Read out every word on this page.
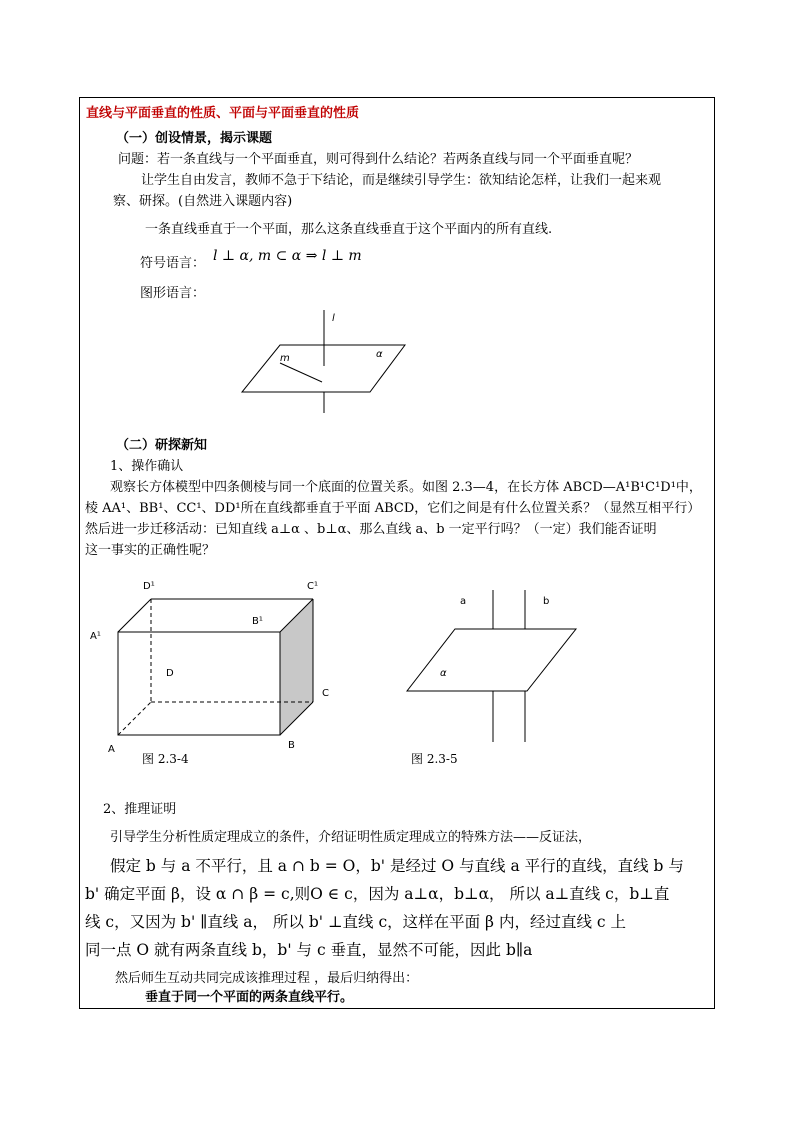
直线与平面垂直的性质、平面与平面垂直的性质
（一）创设情景，揭示课题
问题：若一条直线与一个平面垂直，则可得到什么结论？若两条直线与同一个平面垂直呢？
让学生自由发言，教师不急于下结论，而是继续引导学生：欲知结论怎样，让我们一起来观
察、研探。(自然进入课题内容)
一条直线垂直于一个平面，那么这条直线垂直于这个平面内的所有直线.
符号语言： l ⊥ α, m ⊂ α ⇒ l ⊥ m
图形语言：
l
m	α
（二）研探新知
1、操作确认
观察长方体模型中四条侧棱与同一个底面的位置关系。如图 2.3—4，在长方体 ABCD—A¹B¹C¹D¹中，
棱 AA¹、BB¹、CC¹、DD¹所在直线都垂直于平面 ABCD，它们之间是有什么位置关系？（显然互相平行）
然后进一步迁移活动：已知直线 a⊥α 、b⊥α、那么直线 a、b 一定平行吗？（一定）我们能否证明
这一事实的正确性呢？
D¹	C¹
A¹
B¹
D
C
A	B
图 2.3-4
a	b
α
图 2.3-5
2、推理证明
引导学生分析性质定理成立的条件，介绍证明性质定理成立的特殊方法——反证法，
假定 b 与 a 不平行，且 a ∩ b = O，b' 是经过 O 与直线 a 平行的直线，直线 b 与
b' 确定平面 β，设 α ∩ β = c,则O ∈ c，因为 a⊥α，b⊥α， 所以 a⊥直线 c，b⊥直
线 c，又因为 b' ∥直线 a， 所以 b' ⊥直线 c，这样在平面 β 内，经过直线 c 上
同一点 O 就有两条直线 b，b' 与 c 垂直，显然不可能，因此 b∥a
然后师生互动共同完成该推理过程 ，最后归纳得出：
垂直于同一个平面的两条直线平行。
